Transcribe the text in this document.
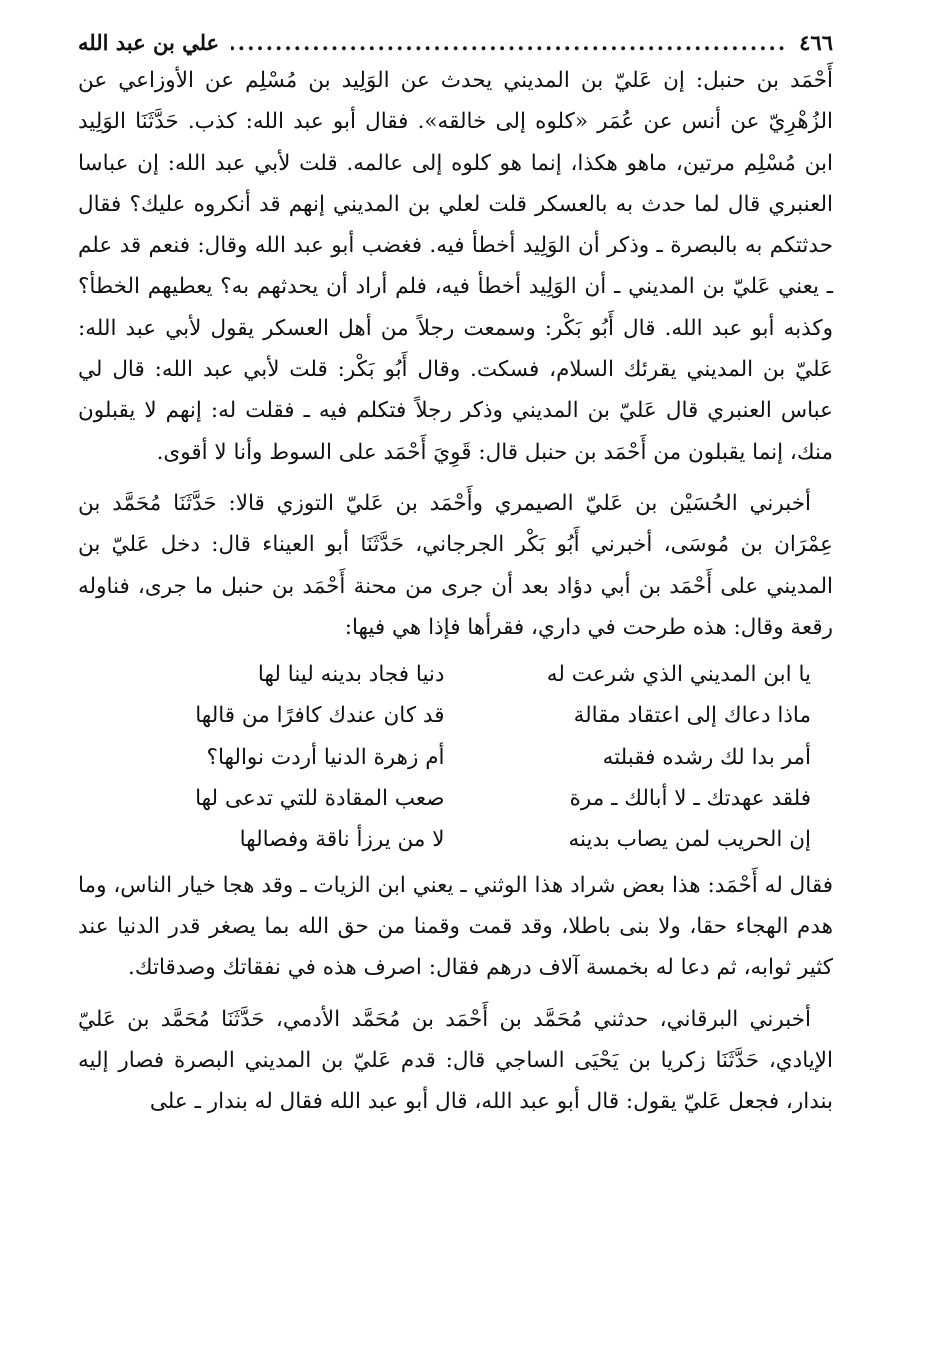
٤٦٦
.....
علي بن عبد الله

أَحْمَد بن حنبل: إن عَليّ بن المديني يحدث عن الوَلِيد بن مُسْلِم عن الأوزاعي عن الزُهْرِيّ عن أنس عن عُمَر «كلوه إلى خالقه». فقال أبو عبد الله: كذب. حَدَّثَنَا الوَلِيد ابن مُسْلِم مرتين، ماهو هكذا، إنما هو كلوه إلى عالمه. قلت لأبي عبد الله: إن عباسا العنبري قال لما حدث به بالعسكر قلت لعلي بن المديني إنهم قد أنكروه عليك؟ فقال حدثتكم به بالبصرة ـ وذكر أن الوَلِيد أخطأ فيه. فغضب أبو عبد الله وقال: فنعم قد علم ـ يعني عَليّ بن المديني ـ أن الوَلِيد أخطأ فيه، فلم أراد أن يحدثهم به؟ يعطيهم الخطأ؟ وكذبه أبو عبد الله. قال أَبُو بَكْر: وسمعت رجلاً من أهل العسكر يقول لأبي عبد الله: عَليّ بن المديني يقرئك السلام، فسكت. وقال أَبُو بَكْر: قلت لأبي عبد الله: قال لي عباس العنبري قال عَليّ بن المديني وذكر رجلاً فتكلم فيه ـ فقلت له: إنهم لا يقبلون منك، إنما يقبلون من أَحْمَد بن حنبل قال: قَوِيَ أَحْمَد على السوط وأنا لا أقوى.

أخبرني الحُسَيْن بن عَليّ الصيمري وأَحْمَد بن عَليّ التوزي قالا: حَدَّثَنَا مُحَمَّد بن عِمْرَان بن مُوسَى، أخبرني أَبُو بَكْر الجرجاني، حَدَّثَنَا أبو العيناء قال: دخل عَليّ بن المديني على أَحْمَد بن أبي دؤاد بعد أن جرى من محنة أَحْمَد بن حنبل ما جرى، فناوله رقعة وقال: هذه طرحت في داري، فقرأها فإذا هي فيها:

يا ابن المديني الذي شرعت له
دنيا فجاد بدينه لينا لها
ماذا دعاك إلى اعتقاد مقالة
قد كان عندك كافرًا من قالها
أمر بدا لك رشده فقبلته
أم زهرة الدنيا أردت نوالها؟
فلقد عهدتك ـ لا أبالك ـ مرة
صعب المقادة للتي تدعى لها
إن الحريب لمن يصاب بدينه
لا من يرزأ ناقة وفصالها

فقال له أَحْمَد: هذا بعض شراد هذا الوثني ـ يعني ابن الزيات ـ وقد هجا خيار الناس، وما هدم الهجاء حقا، ولا بنى باطلا، وقد قمت وقمنا من حق الله بما يصغر قدر الدنيا عند كثير ثوابه، ثم دعا له بخمسة آلاف درهم فقال: اصرف هذه في نفقاتك وصدقاتك.

أخبرني البرقاني، حدثني مُحَمَّد بن أَحْمَد بن مُحَمَّد الأدمي، حَدَّثَنَا مُحَمَّد بن عَليّ الإيادي، حَدَّثَنَا زكريا بن يَحْيَى الساجي قال: قدم عَليّ بن المديني البصرة فصار إليه بندار، فجعل عَليّ يقول: قال أبو عبد الله، قال أبو عبد الله فقال له بندار ـ على
